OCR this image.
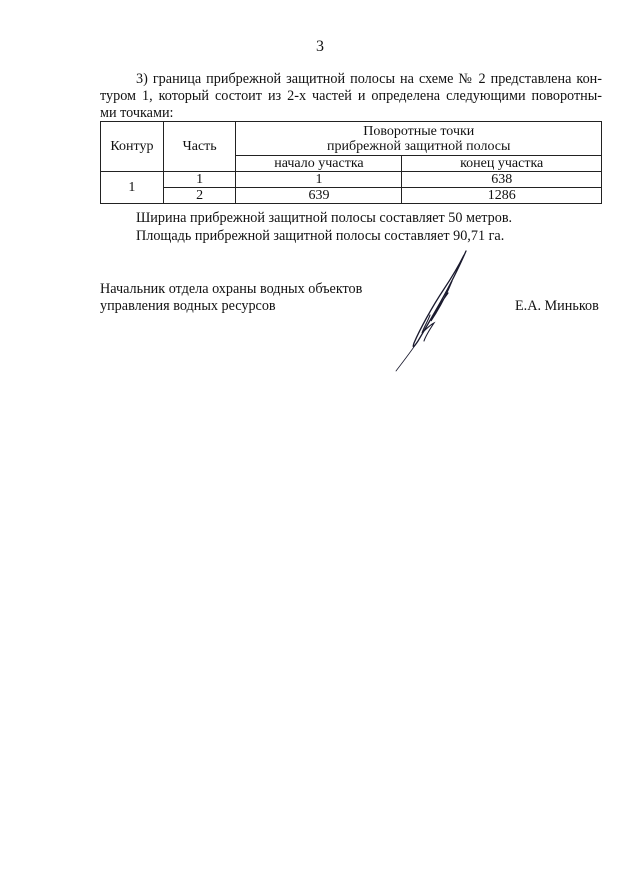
3
3) граница прибрежной защитной полосы на схеме № 2 представлена кон-
туром 1, который состоит из 2-х частей и определена следующими поворотны-
ми точками:
Контур	Часть	Поворотные точки
прибрежной защитной полосы	

		начало участка	конец участка
1	1	1	638
	2	639	1286
Ширина прибрежной защитной полосы составляет 50 метров.
Площадь прибрежной защитной полосы составляет 90,71 га.
Начальник отдела охраны водных объектов
управления водных ресурсов	Е.А. Миньков
